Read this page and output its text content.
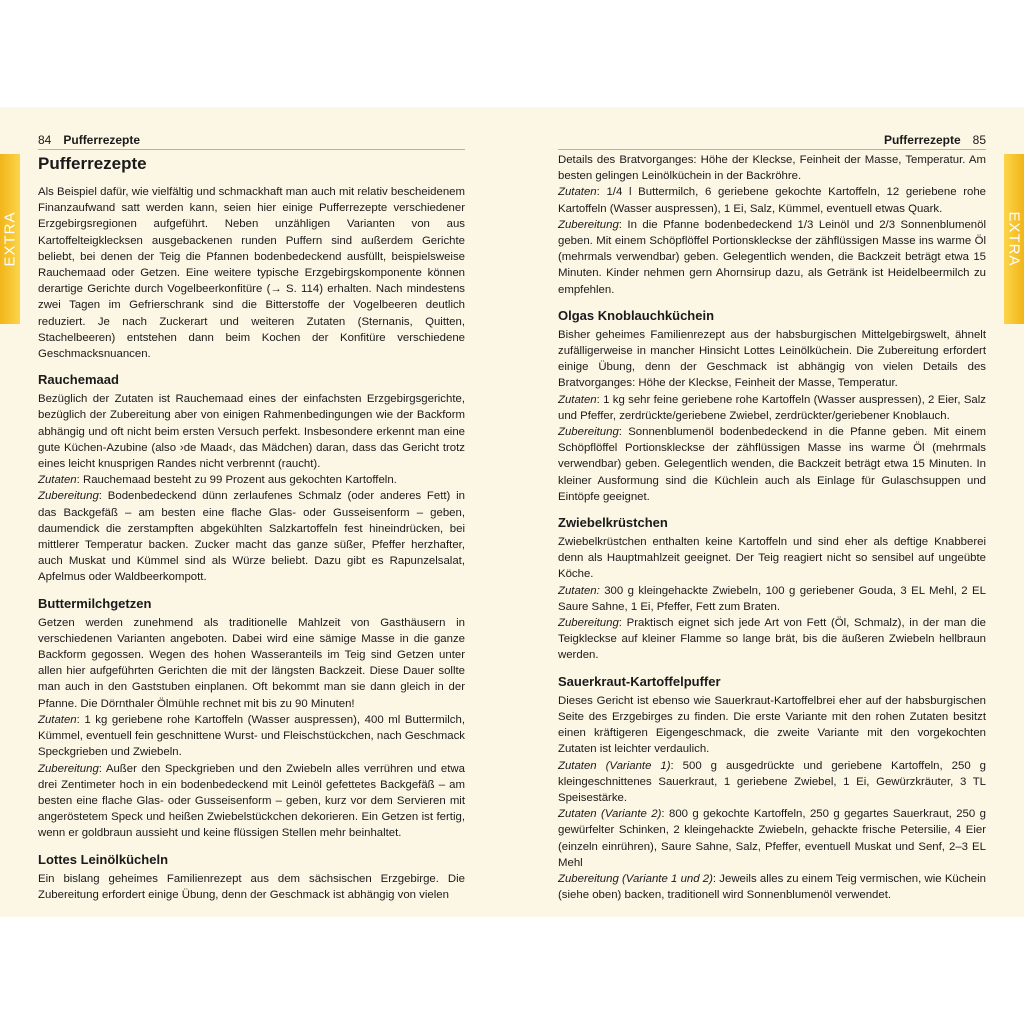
84 Pufferrezepte
EXTRA
Pufferrezepte

Als Beispiel dafür, wie vielfältig und schmackhaft man auch mit relativ bescheidenem Finanzaufwand satt werden kann, seien hier einige Pufferrezepte verschiedener Erzgebirgsregionen aufgeführt. Neben unzähligen Varianten von aus Kartoffelteigklecksen ausgebackenen runden Puffern sind außerdem Gerichte beliebt, bei denen der Teig die Pfannen bodenbedeckend ausfüllt, beispielsweise Rauchemaad oder Getzen. Eine weitere typische Erzgebirgskomponente können derartige Gerichte durch Vogelbeerkonfitüre (→ S. 114) erhalten. Nach mindestens zwei Tagen im Gefrierschrank sind die Bitterstoffe der Vogelbeeren deutlich reduziert. Je nach Zuckerart und weiteren Zutaten (Sternanis, Quitten, Stachelbeeren) entstehen dann beim Kochen der Konfitüre verschiedene Geschmacksnuancen.

Rauchemaad

Bezüglich der Zutaten ist Rauchemaad eines der einfachsten Erzgebirgsgerichte, bezüglich der Zubereitung aber von einigen Rahmenbedingungen wie der Backform abhängig und oft nicht beim ersten Versuch perfekt. Insbesondere erkennt man eine gute Küchen-Azubine (also ›de Maad‹, das Mädchen) daran, dass das Gericht trotz eines leicht knusprigen Randes nicht verbrennt (raucht).

Zutaten: Rauchemaad besteht zu 99 Prozent aus gekochten Kartoffeln.

Zubereitung: Bodenbedeckend dünn zerlaufenes Schmalz (oder anderes Fett) in das Backgefäß – am besten eine flache Glas- oder Gusseisenform – geben, daumendick die zerstampften abgekühlten Salzkartoffeln fest hineindrücken, bei mittlerer Temperatur backen. Zucker macht das ganze süßer, Pfeffer herzhafter, auch Muskat und Kümmel sind als Würze beliebt. Dazu gibt es Rapunzelsalat, Apfelmus oder Waldbeerkompott.

Buttermilchgetzen

Getzen werden zunehmend als traditionelle Mahlzeit von Gasthäusern in verschiedenen Varianten angeboten. Dabei wird eine sämige Masse in die ganze Backform gegossen. Wegen des hohen Wasseranteils im Teig sind Getzen unter allen hier aufgeführten Gerichten die mit der längsten Backzeit. Diese Dauer sollte man auch in den Gaststuben einplanen. Oft bekommt man sie dann gleich in der Pfanne. Die Dörnthaler Ölmühle rechnet mit bis zu 90 Minuten!

Zutaten: 1 kg geriebene rohe Kartoffeln (Wasser auspressen), 400 ml Buttermilch, Kümmel, eventuell fein geschnittene Wurst- und Fleischstückchen, nach Geschmack Speckgrieben und Zwiebeln.

Zubereitung: Außer den Speckgrieben und den Zwiebeln alles verrühren und etwa drei Zentimeter hoch in ein bodenbedeckend mit Leinöl gefettetes Backgefäß – am besten eine flache Glas- oder Gusseisenform – geben, kurz vor dem Servieren mit angeröstetem Speck und heißen Zwiebelstückchen dekorieren. Ein Getzen ist fertig, wenn er goldbraun aussieht und keine flüssigen Stellen mehr beinhaltet.

Lottes Leinölkücheln

Ein bislang geheimes Familienrezept aus dem sächsischen Erzgebirge. Die Zubereitung erfordert einige Übung, denn der Geschmack ist abhängig von vielen

Pufferrezepte 85
EXTRA

Details des Bratvorganges: Höhe der Kleckse, Feinheit der Masse, Temperatur. Am besten gelingen Leinölküchein in der Backröhre.

Zutaten: 1/4 l Buttermilch, 6 geriebene gekochte Kartoffeln, 12 geriebene rohe Kartoffeln (Wasser auspressen), 1 Ei, Salz, Kümmel, eventuell etwas Quark.

Zubereitung: In die Pfanne bodenbedeckend 1/3 Leinöl und 2/3 Sonnenblumenöl geben. Mit einem Schöpflöffel Portionskleckse der zähflüssigen Masse ins warme Öl (mehrmals verwendbar) geben. Gelegentlich wenden, die Backzeit beträgt etwa 15 Minuten. Kinder nehmen gern Ahornsirup dazu, als Getränk ist Heidelbeermilch zu empfehlen.

Olgas Knoblauchküchein

Bisher geheimes Familienrezept aus der habsburgischen Mittelgebirgswelt, ähnelt zufälligerweise in mancher Hinsicht Lottes Leinölküchein. Die Zubereitung erfordert einige Übung, denn der Geschmack ist abhängig von vielen Details des Bratvorganges: Höhe der Kleckse, Feinheit der Masse, Temperatur.

Zutaten: 1 kg sehr feine geriebene rohe Kartoffeln (Wasser auspressen), 2 Eier, Salz und Pfeffer, zerdrückte/geriebene Zwiebel, zerdrückter/geriebener Knoblauch.

Zubereitung: Sonnenblumenöl bodenbedeckend in die Pfanne geben. Mit einem Schöpflöffel Portionskleckse der zähflüssigen Masse ins warme Öl (mehrmals verwendbar) geben. Gelegentlich wenden, die Backzeit beträgt etwa 15 Minuten. In kleiner Ausformung sind die Küchlein auch als Einlage für Gulaschsuppen und Eintöpfe geeignet.

Zwiebelkrüstchen

Zwiebelkrüstchen enthalten keine Kartoffeln und sind eher als deftige Knabberei denn als Hauptmahlzeit geeignet. Der Teig reagiert nicht so sensibel auf ungeübte Köche.

Zutaten: 300 g kleingehackte Zwiebeln, 100 g geriebener Gouda, 3 EL Mehl, 2 EL Saure Sahne, 1 Ei, Pfeffer, Fett zum Braten.

Zubereitung: Praktisch eignet sich jede Art von Fett (Öl, Schmalz), in der man die Teigkleckse auf kleiner Flamme so lange brät, bis die äußeren Zwiebeln hellbraun werden.

Sauerkraut-Kartoffelpuffer

Dieses Gericht ist ebenso wie Sauerkraut-Kartoffelbrei eher auf der habsburgischen Seite des Erzgebirges zu finden. Die erste Variante mit den rohen Zutaten besitzt einen kräftigeren Eigengeschmack, die zweite Variante mit den vorgekochten Zutaten ist leichter verdaulich.

Zutaten (Variante 1): 500 g ausgedrückte und geriebene Kartoffeln, 250 g kleingeschnittenes Sauerkraut, 1 geriebene Zwiebel, 1 Ei, Gewürzkräuter, 3 TL Speisestärke.

Zutaten (Variante 2): 800 g gekochte Kartoffeln, 250 g gegartes Sauerkraut, 250 g gewürfelter Schinken, 2 kleingehackte Zwiebeln, gehackte frische Petersilie, 4 Eier (einzeln einrühren), Saure Sahne, Salz, Pfeffer, eventuell Muskat und Senf, 2–3 EL Mehl

Zubereitung (Variante 1 und 2): Jeweils alles zu einem Teig vermischen, wie Küchein (siehe oben) backen, traditionell wird Sonnenblumenöl verwendet.
